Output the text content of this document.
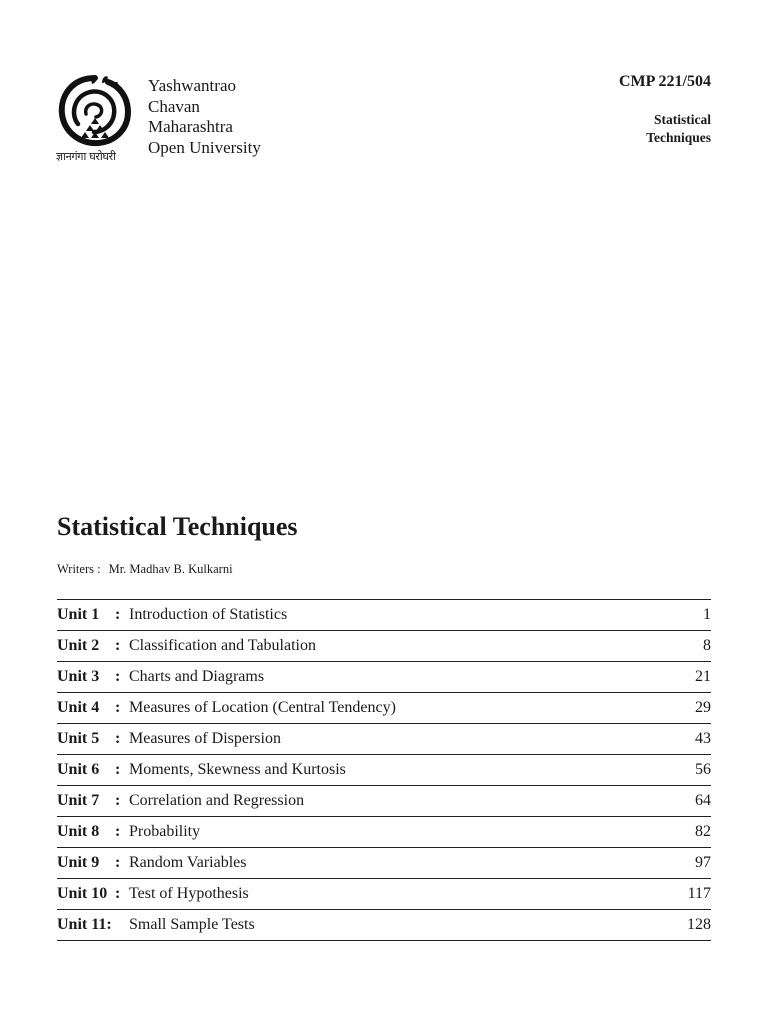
ज्ञानगंगा घरोघरी
Yashwantrao
Chavan
Maharashtra
Open University
CMP 221/504
Statistical
Techniques
Statistical Techniques
Writers : Mr. Madhav B. Kulkarni
Unit 1 : Introduction of Statistics	1
Unit 2 : Classification and Tabulation	8
Unit 3 : Charts and Diagrams	21
Unit 4 : Measures of Location (Central Tendency)	29
Unit 5 : Measures of Dispersion	43
Unit 6 : Moments, Skewness and Kurtosis	56
Unit 7 : Correlation and Regression	64
Unit 8 : Probability	82
Unit 9 : Random Variables	97
Unit 10 : Test of Hypothesis	117
Unit 11: Small Sample Tests	128
